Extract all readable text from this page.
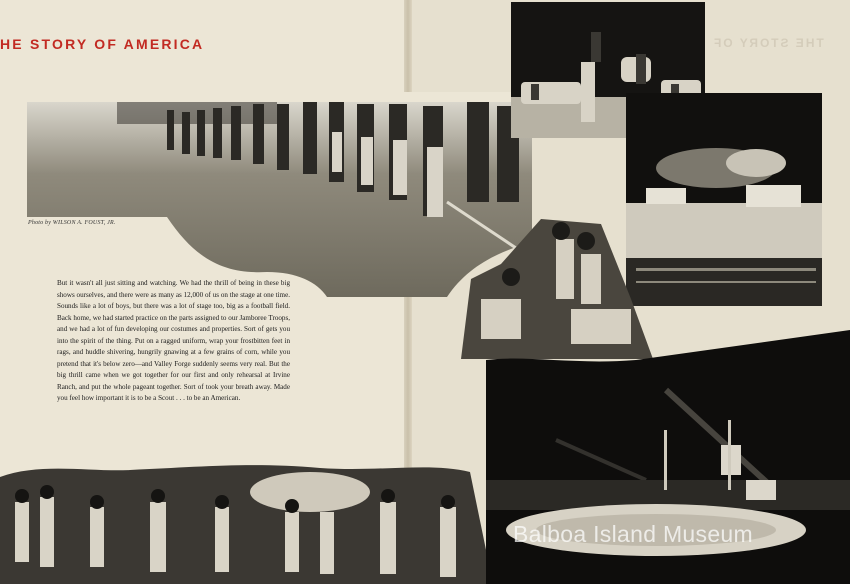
HE STORY OF AMERICA	THE STORY OF
Photo by WILSON A. FOUST, JR.

But it wasn't all just sitting and watching. We had the thrill of being in these big shows ourselves, and there were as many as 12,000 of us on the stage at one time. Sounds like a lot of boys, but there was a lot of stage too, big as a football field. Back home, we had started practice on the parts assigned to our Jamboree Troops, and we had a lot of fun developing our costumes and properties. Sort of gets you into the spirit of the thing. Put on a ragged uniform, wrap your frostbitten feet in rags, and huddle shivering, hungrily gnawing at a few grains of corn, while you pretend that it's below zero—and Valley Forge suddenly seems very real. But the big thrill came when we got together for our first and only rehearsal at Irvine Ranch, and put the whole pageant together. Sort of took your breath away. Made you feel how important it is to be a Scout . . . to be an American.

Balboa Island Museum
